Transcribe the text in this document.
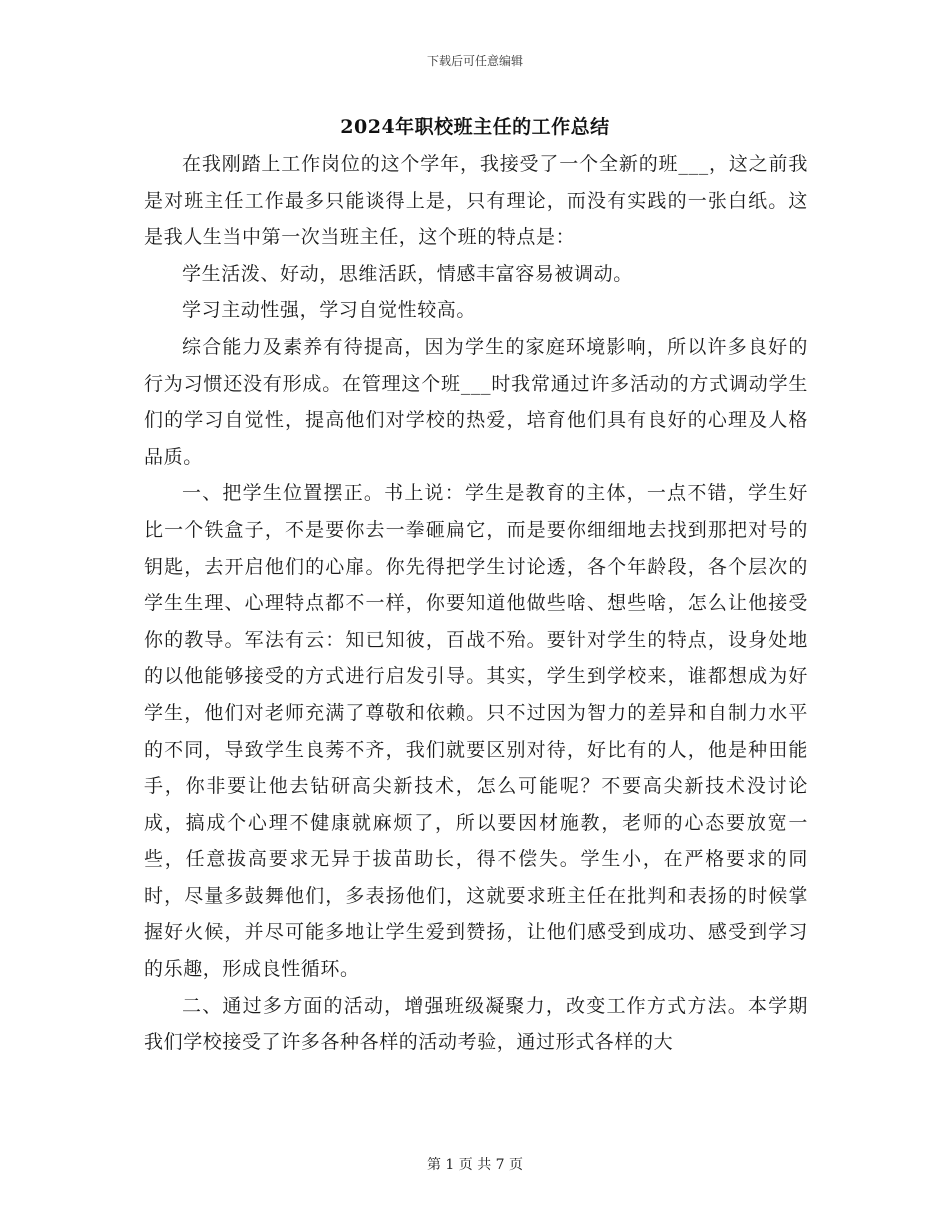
下载后可任意编辑
2024年职校班主任的工作总结

在我刚踏上工作岗位的这个学年，我接受了一个全新的班___，这之前我是对班主任工作最多只能谈得上是，只有理论，而没有实践的一张白纸。这是我人生当中第一次当班主任，这个班的特点是：

学生活泼、好动，思维活跃，情感丰富容易被调动。

学习主动性强，学习自觉性较高。

综合能力及素养有待提高，因为学生的家庭环境影响，所以许多良好的行为习惯还没有形成。在管理这个班___时我常通过许多活动的方式调动学生们的学习自觉性，提高他们对学校的热爱，培育他们具有良好的心理及人格品质。

一、把学生位置摆正。书上说：学生是教育的主体，一点不错，学生好比一个铁盒子，不是要你去一拳砸扁它，而是要你细细地去找到那把对号的钥匙，去开启他们的心扉。你先得把学生讨论透，各个年龄段，各个层次的学生生理、心理特点都不一样，你要知道他做些啥、想些啥，怎么让他接受你的教导。军法有云：知已知彼，百战不殆。要针对学生的特点，设身处地的以他能够接受的方式进行启发引导。其实，学生到学校来，谁都想成为好学生，他们对老师充满了尊敬和依赖。只不过因为智力的差异和自制力水平的不同，导致学生良莠不齐，我们就要区别对待，好比有的人，他是种田能手，你非要让他去钻研高尖新技术，怎么可能呢？不要高尖新技术没讨论成，搞成个心理不健康就麻烦了，所以要因材施教，老师的心态要放宽一些，任意拔高要求无异于拔苗助长，得不偿失。学生小，在严格要求的同时，尽量多鼓舞他们，多表扬他们，这就要求班主任在批判和表扬的时候掌握好火候，并尽可能多地让学生爱到赞扬，让他们感受到成功、感受到学习的乐趣，形成良性循环。

二、通过多方面的活动，增强班级凝聚力，改变工作方式方法。本学期我们学校接受了许多各种各样的活动考验，通过形式各样的大

第 1 页 共 7 页
